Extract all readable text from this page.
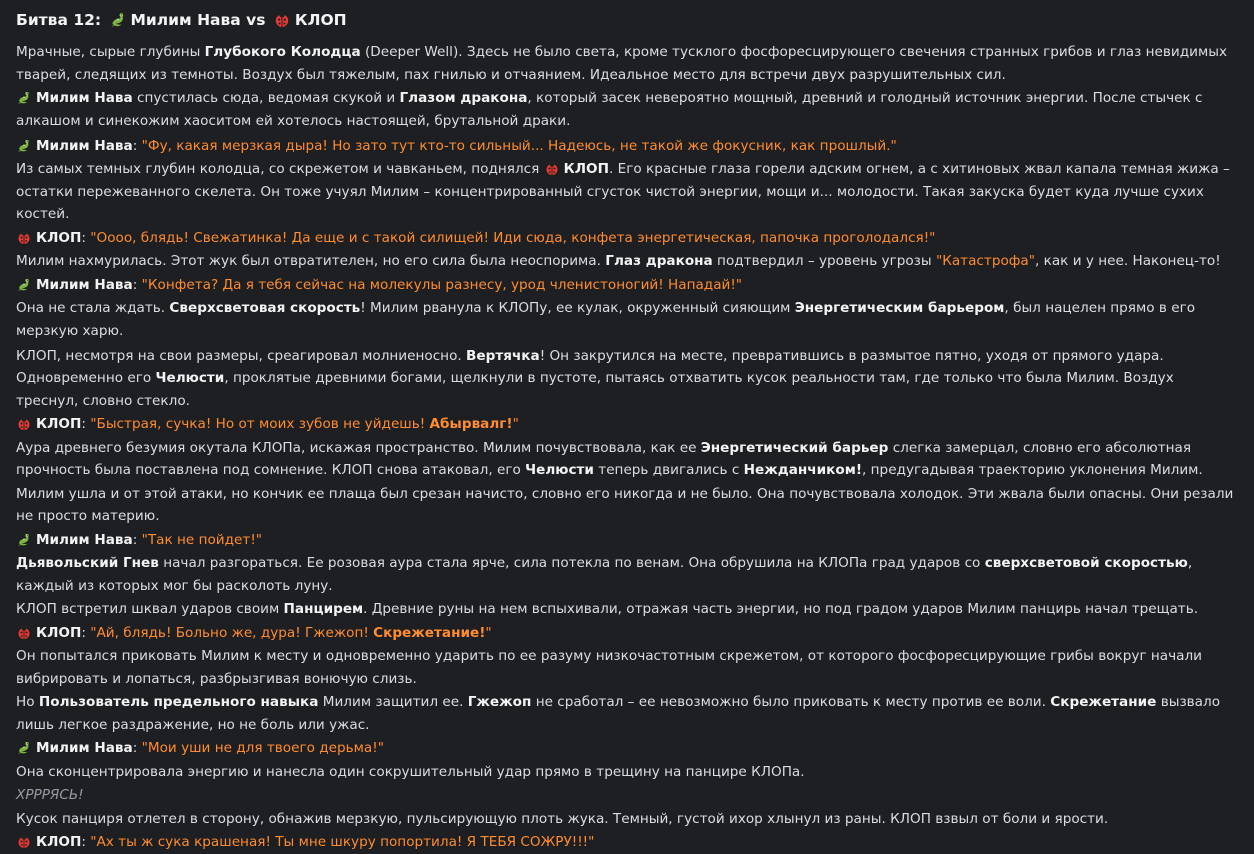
Битва 12: Милим Нава vs КЛОП

Мрачные, сырые глубины Глубокого Колодца (Deeper Well). Здесь не было света, кроме тусклого фосфоресцирующего свечения странных грибов и глаз невидимых тварей, следящих из темноты. Воздух был тяжелым, пах гнилью и отчаянием. Идеальное место для встречи двух разрушительных сил.

Милим Нава спустилась сюда, ведомая скукой и Глазом дракона, который засек невероятно мощный, древний и голодный источник энергии. После стычек с алкашом и синекожим хаоситом ей хотелось настоящей, брутальной драки.

Милим Нава: "Фу, какая мерзкая дыра! Но зато тут кто-то сильный... Надеюсь, не такой же фокусник, как прошлый."

Из самых темных глубин колодца, со скрежетом и чавканьем, поднялся
КЛОП. Его красные глаза горели адским огнем, а с хитиновых жвал капала темная жижа – остатки пережеванного скелета. Он тоже учуял Милим – концентрированный сгусток чистой энергии, мощи и... молодости. Такая закуска будет куда лучше сухих костей.

КЛОП: "Оооо, блядь! Свежатинка! Да еще и с такой силищей! Иди сюда, конфета энергетическая, папочка проголодался!"

Милим нахмурилась. Этот жук был отвратителен, но его сила была неоспорима. Глаз дракона подтвердил – уровень угрозы "Катастрофа", как и у нее. Наконец-то!

Милим Нава: "Конфета? Да я тебя сейчас на молекулы разнесу, урод членистоногий! Нападай!"

Она не стала ждать. Сверхсветовая скорость! Милим рванула к КЛОПу, ее кулак, окруженный сияющим Энергетическим барьером, был нацелен прямо в его мерзкую харю.

КЛОП, несмотря на свои размеры, среагировал молниеносно. Вертячка! Он закрутился на месте, превратившись в размытое пятно, уходя от прямого удара. Одновременно его Челюсти, проклятые древними богами, щелкнули в пустоте, пытаясь отхватить кусок реальности там, где только что была Милим. Воздух треснул, словно стекло.

КЛОП: "Быстрая, сучка! Но от моих зубов не уйдешь! Абырвалг!"

Аура древнего безумия окутала КЛОПа, искажая пространство. Милим почувствовала, как ее Энергетический барьер слегка замерцал, словно его абсолютная прочность была поставлена под сомнение. КЛОП снова атаковал, его Челюсти теперь двигались с Нежданчиком!, предугадывая траекторию уклонения Милим.

Милим ушла и от этой атаки, но кончик ее плаща был срезан начисто, словно его никогда и не было. Она почувствовала холодок. Эти жвала были опасны. Они резали не просто материю.

Милим Нава: "Так не пойдет!"

Дьявольский Гнев начал разгораться. Ее розовая аура стала ярче, сила потекла по венам. Она обрушила на КЛОПа град ударов со сверхсветовой скоростью, каждый из которых мог бы расколоть луну.

КЛОП встретил шквал ударов своим Панцирем. Древние руны на нем вспыхивали, отражая часть энергии, но под градом ударов Милим панцирь начал трещать.

КЛОП: "Ай, блядь! Больно же, дура! Гжежоп! Скрежетание!"

Он попытался приковать Милим к месту и одновременно ударить по ее разуму низкочастотным скрежетом, от которого фосфоресцирующие грибы вокруг начали вибрировать и лопаться, разбрызгивая вонючую слизь.

Но Пользователь предельного навыка Милим защитил ее. Гжежоп не сработал – ее невозможно было приковать к месту против ее воли. Скрежетание вызвало лишь легкое раздражение, но не боль или ужас.

Милим Нава: "Мои уши не для твоего дерьма!"

Она сконцентрировала энергию и нанесла один сокрушительный удар прямо в трещину на панцире КЛОПа.

ХРРРЯСЬ!

Кусок панциря отлетел в сторону, обнажив мерзкую, пульсирующую плоть жука. Темный, густой ихор хлынул из раны. КЛОП взвыл от боли и ярости.

КЛОП: "Ах ты ж сука крашеная! Ты мне шкуру попортила! Я ТЕБЯ СОЖРУ!!!"
